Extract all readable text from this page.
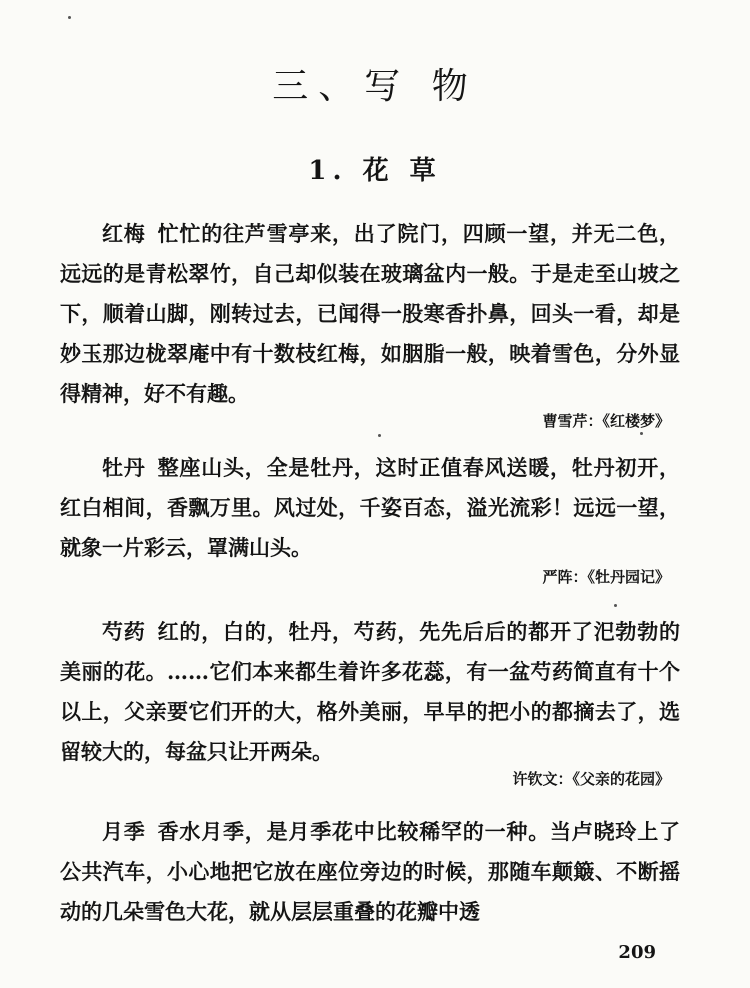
三、写 物
1. 花 草

红梅 忙忙的往芦雪亭来，出了院门，四顾一望，并无二色，远远的是青松翠竹，自己却似装在玻璃盆内一般。于是走至山坡之下，顺着山脚，刚转过去，已闻得一股寒香扑鼻，回头一看，却是妙玉那边栊翠庵中有十数枝红梅，如胭脂一般，映着雪色，分外显得精神，好不有趣。

曹雪芹：《红楼梦》

牡丹 整座山头，全是牡丹，这时正值春风送暖，牡丹初开，红白相间，香飘万里。风过处，千姿百态，溢光流彩！远远一望，就象一片彩云，罩满山头。

严阵：《牡丹园记》

芍药 红的，白的，牡丹，芍药，先先后后的都开了汜勃勃的美丽的花。……它们本来都生着许多花蕊，有一盆芍药简直有十个以上，父亲要它们开的大，格外美丽，早早的把小的都摘去了，选留较大的，每盆只让开两朵。

许钦文：《父亲的花园》

月季 香水月季，是月季花中比较稀罕的一种。当卢晓玲上了公共汽车，小心地把它放在座位旁边的时候，那随车颠簸、不断摇动的几朵雪色大花，就从层层重叠的花瓣中透

209
